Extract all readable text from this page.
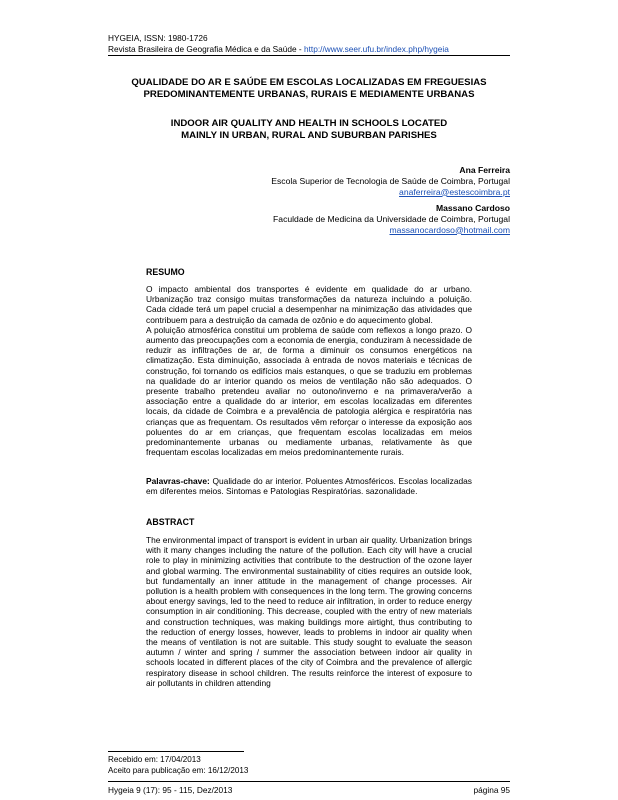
HYGEIA, ISSN: 1980-1726
Revista Brasileira de Geografia Médica e da Saúde - http://www.seer.ufu.br/index.php/hygeia
QUALIDADE DO AR E SAÚDE EM ESCOLAS LOCALIZADAS EM FREGUESIAS
PREDOMINANTEMENTE URBANAS, RURAIS E MEDIAMENTE URBANAS
INDOOR AIR QUALITY AND HEALTH IN SCHOOLS LOCATED
MAINLY IN URBAN, RURAL AND SUBURBAN PARISHES
Ana Ferreira
Escola Superior de Tecnologia de Saúde de Coimbra, Portugal
anaferreira@estescoimbra.pt
Massano Cardoso
Faculdade de Medicina da Universidade de Coimbra, Portugal
massanocardoso@hotmail.com
RESUMO

O impacto ambiental dos transportes é evidente em qualidade do ar urbano. Urbanização traz consigo muitas transformações da natureza incluindo a poluição. Cada cidade terá um papel crucial a desempenhar na minimização das atividades que contribuem para a destruição da camada de ozônio e do aquecimento global.

A poluição atmosférica constitui um problema de saúde com reflexos a longo prazo. O aumento das preocupações com a economia de energia, conduziram à necessidade de reduzir as infiltrações de ar, de forma a diminuir os consumos energéticos na climatização. Esta diminuição, associada à entrada de novos materiais e técnicas de construção, foi tornando os edifícios mais estanques, o que se traduziu em problemas na qualidade do ar interior quando os meios de ventilação não são adequados. O presente trabalho pretendeu avaliar no outono/inverno e na primavera/verão a associação entre a qualidade do ar interior, em escolas localizadas em diferentes locais, da cidade de Coimbra e a prevalência de patologia alérgica e respiratória nas crianças que as frequentam. Os resultados vêm reforçar o interesse da exposição aos poluentes do ar em crianças, que frequentam escolas localizadas em meios predominantemente urbanas ou mediamente urbanas, relativamente às que frequentam escolas localizadas em meios predominantemente rurais.

Palavras-chave: Qualidade do ar interior. Poluentes Atmosféricos. Escolas localizadas em diferentes meios. Sintomas e Patologias Respiratórias. sazonalidade.
ABSTRACT

The environmental impact of transport is evident in urban air quality. Urbanization brings with it many changes including the nature of the pollution. Each city will have a crucial role to play in minimizing activities that contribute to the destruction of the ozone layer and global warming. The environmental sustainability of cities requires an outside look, but fundamentally an inner attitude in the management of change processes. Air pollution is a health problem with consequences in the long term. The growing concerns about energy savings, led to the need to reduce air infiltration, in order to reduce energy consumption in air conditioning. This decrease, coupled with the entry of new materials and construction techniques, was making buildings more airtight, thus contributing to the reduction of energy losses, however, leads to problems in indoor air quality when the means of ventilation is not are suitable. This study sought to evaluate the season autumn / winter and spring / summer the association between indoor air quality in schools located in different places of the city of Coimbra and the prevalence of allergic respiratory disease in school children. The results reinforce the interest of exposure to air pollutants in children attending

Recebido em: 17/04/2013
Aceito para publicação em: 16/12/2013
Hygeia 9 (17): 95 - 115, Dez/2013	página 95
